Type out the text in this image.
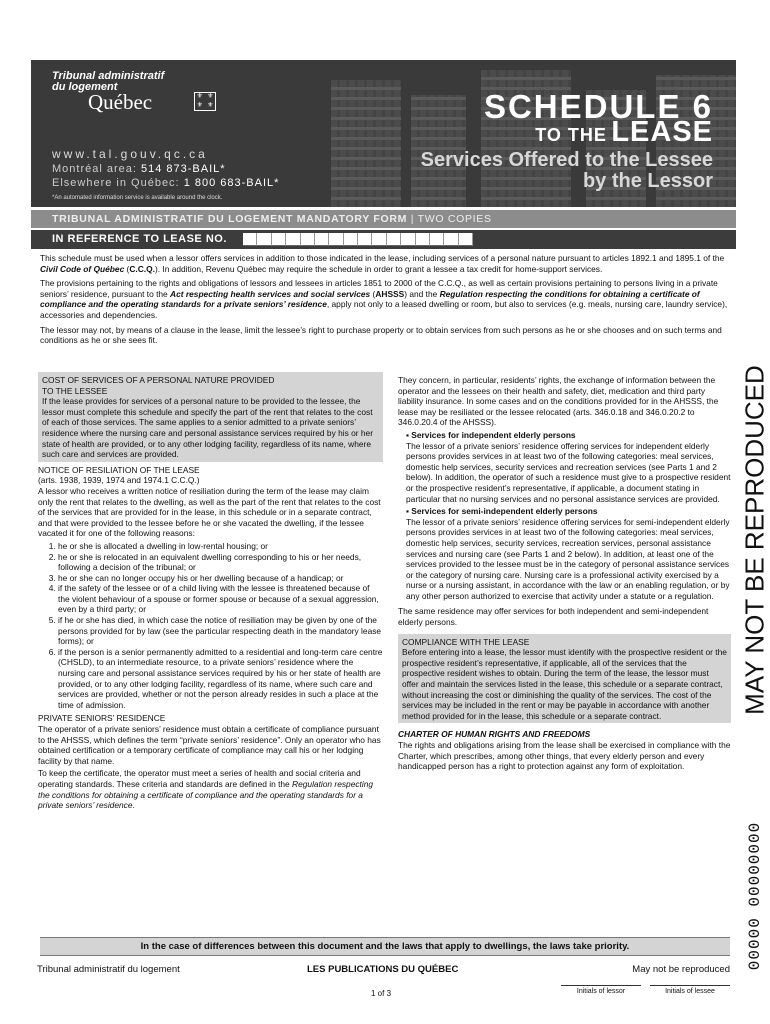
Tribunal administratif
du logement
Québec	⚜ ⚜
⚜ ⚜	SCHEDULE 6
TO THE LEASE
Services Offered to the Lessee
by the Lessor
www.tal.gouv.qc.ca
Montréal area: 514 873-BAIL*
Elsewhere in Québec: 1 800 683-BAIL*
*An automated information service is available around the clock.
TRIBUNAL ADMINISTRATIF DU LOGEMENT MANDATORY FORM | TWO COPIES
IN REFERENCE TO LEASE NO.

This schedule must be used when a lessor offers services in addition to those indicated in the lease, including services of a personal nature pursuant to articles 1892.1 and 1895.1 of the Civil Code of Québec (C.C.Q.). In addition, Revenu Québec may require the schedule in order to grant a lessee a tax credit for home-support services.

The provisions pertaining to the rights and obligations of lessors and lessees in articles 1851 to 2000 of the C.C.Q., as well as certain provisions pertaining to persons living in a private seniors’ residence, pursuant to the Act respecting health services and social services (AHSSS) and the Regulation respecting the conditions for obtaining a certificate of compliance and the operating standards for a private seniors’ residence, apply not only to a leased dwelling or room, but also to services (e.g. meals, nursing care, laundry service), accessories and dependencies.

The lessor may not, by means of a clause in the lease, limit the lessee’s right to purchase property or to obtain services from such persons as he or she chooses and on such terms and conditions as he or she sees fit.

COST OF SERVICES OF A PERSONAL NATURE PROVIDED
TO THE LESSEE
If the lease provides for services of a personal nature to be provided to the lessee, the lessor must complete this schedule and specify the part of the rent that relates to the cost of each of those services. The same applies to a senior admitted to a private seniors’ residence where the nursing care and personal assistance services required by his or her state of health are provided, or to any other lodging facility, regardless of its name, where such care and services are provided.
NOTICE OF RESILIATION OF THE LEASE
(arts. 1938, 1939, 1974 and 1974.1 C.C.Q.)

A lessor who receives a written notice of resiliation during the term of the lease may claim only the rent that relates to the dwelling, as well as the part of the rent that relates to the cost of the services that are provided for in the lease, in this schedule or in a separate contract, and that were provided to the lessee before he or she vacated the dwelling, if the lessee vacated it for one of the following reasons:

1. he or she is allocated a dwelling in low-rental housing; or
2. he or she is relocated in an equivalent dwelling corresponding to his or her needs, following a decision of the tribunal; or
3. he or she can no longer occupy his or her dwelling because of a handicap; or
4. if the safety of the lessee or of a child living with the lessee is threatened because of the violent behaviour of a spouse or former spouse or because of a sexual aggression, even by a third party; or
5. if he or she has died, in which case the notice of resiliation may be given by one of the persons provided for by law (see the particular respecting death in the mandatory lease forms); or
6. if the person is a senior permanently admitted to a residential and long-term care centre (CHSLD), to an intermediate resource, to a private seniors’ residence where the nursing care and personal assistance services required by his or her state of health are provided, or to any other lodging facility, regardless of its name, where such care and services are provided, whether or not the person already resides in such a place at the time of admission.
PRIVATE SENIORS’ RESIDENCE

The operator of a private seniors’ residence must obtain a certificate of compliance pursuant to the AHSSS, which defines the term “private seniors’ residence”. Only an operator who has obtained certification or a temporary certificate of compliance may call his or her lodging facility by that name.

To keep the certificate, the operator must meet a series of health and social criteria and operating standards. These criteria and standards are defined in the Regulation respecting the conditions for obtaining a certificate of compliance and the operating standards for a private seniors’ residence.

They concern, in particular, residents’ rights, the exchange of information between the operator and the lessees on their health and safety, diet, medication and third party liability insurance. In some cases and on the conditions provided for in the AHSSS, the lease may be resiliated or the lessee relocated (arts. 346.0.18 and 346.0.20.2 to 346.0.20.4 of the AHSSS).

▪ Services for independent elderly persons
The lessor of a private seniors’ residence offering services for independent elderly persons provides services in at least two of the following categories: meal services, domestic help services, security services and recreation services (see Parts 1 and 2 below). In addition, the operator of such a residence must give to a prospective resident or the prospective resident’s representative, if applicable, a document stating in particular that no nursing services and no personal assistance services are provided.
▪ Services for semi-independent elderly persons
The lessor of a private seniors’ residence offering services for semi-independent elderly persons provides services in at least two of the following categories: meal services, domestic help services, security services, recreation services, personal assistance services and nursing care (see Parts 1 and 2 below). In addition, at least one of the services provided to the lessee must be in the category of personal assistance services or the category of nursing care. Nursing care is a professional activity exercised by a nurse or a nursing assistant, in accordance with the law or an enabling regulation, or by any other person authorized to exercise that activity under a statute or a regulation.

The same residence may offer services for both independent and semi-independent elderly persons.

COMPLIANCE WITH THE LEASE
Before entering into a lease, the lessor must identify with the prospective resident or the prospective resident’s representative, if applicable, all of the services that the prospective resident wishes to obtain. During the term of the lease, the lessor must offer and maintain the services listed in the lease, this schedule or a separate contract, without increasing the cost or diminishing the quality of the services. The cost of the services may be included in the rent or may be payable in accordance with another method provided for in the lease, this schedule or a separate contract.
CHARTER OF HUMAN RIGHTS AND FREEDOMS

The rights and obligations arising from the lease shall be exercised in compliance with the Charter, which prescribes, among other things, that every elderly person and every handicapped person has a right to protection against any form of exploitation.

In the case of differences between this document and the laws that apply to dwellings, the laws take priority.
Tribunal administratif du logement	LES PUBLICATIONS DU QUÉBEC	May not be reproduced
1 of 3	Initials of lessor	Initials of lessee
MAY NOT BE REPRODUCED
00000 00000000
